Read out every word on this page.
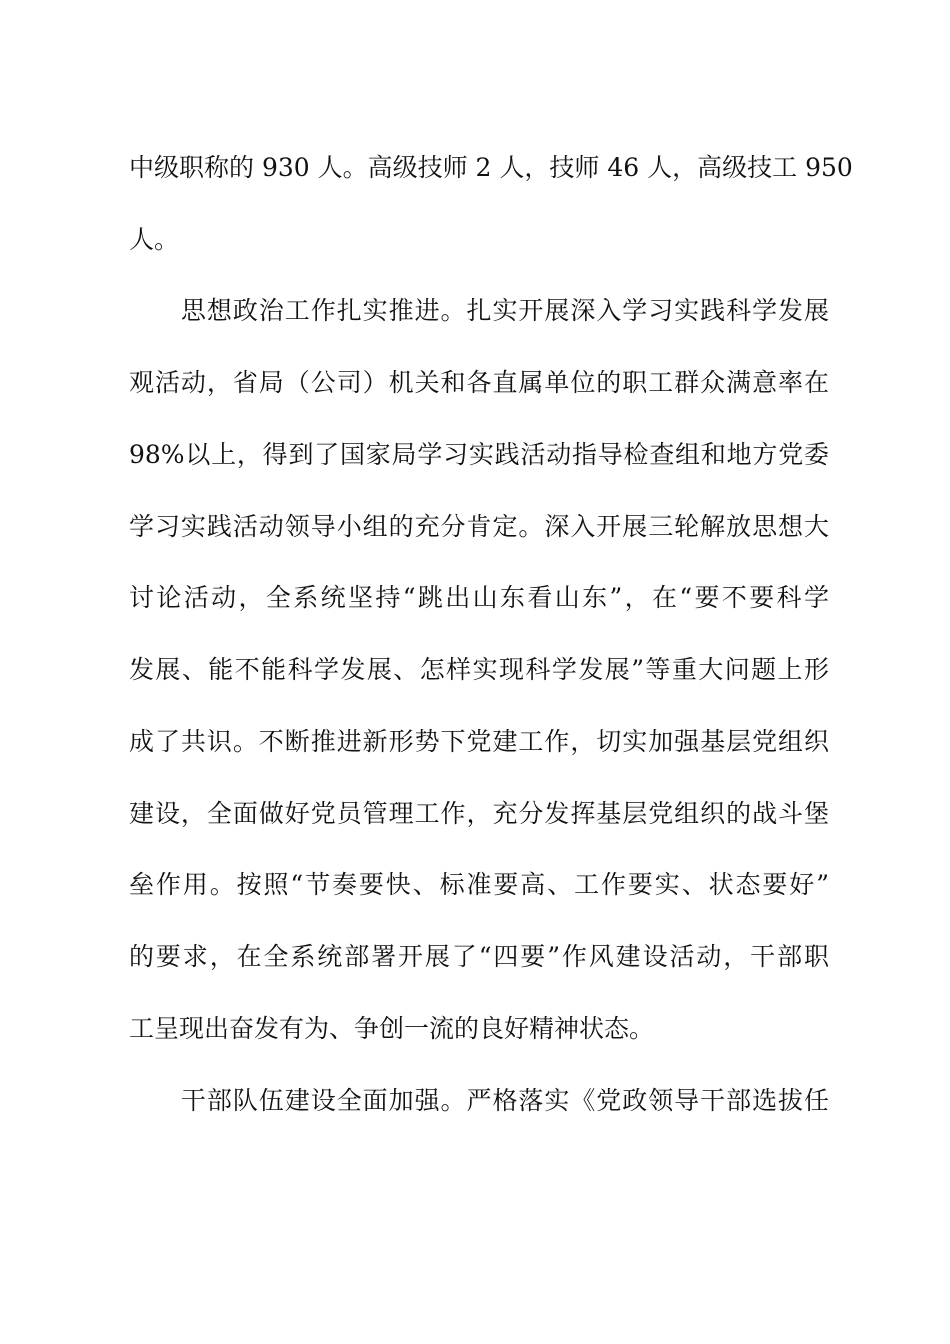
中级职称的 930 人。高级技师 2 人，技师 46 人，高级技工 950
人。
　　思想政治工作扎实推进。扎实开展深入学习实践科学发展
观活动，省局（公司）机关和各直属单位的职工群众满意率在
98%以上，得到了国家局学习实践活动指导检查组和地方党委
学习实践活动领导小组的充分肯定。深入开展三轮解放思想大
讨论活动，全系统坚持“跳出山东看山东”，在“要不要科学
发展、能不能科学发展、怎样实现科学发展”等重大问题上形
成了共识。不断推进新形势下党建工作，切实加强基层党组织
建设，全面做好党员管理工作，充分发挥基层党组织的战斗堡
垒作用。按照“节奏要快、标准要高、工作要实、状态要好”
的要求，在全系统部署开展了“四要”作风建设活动，干部职
工呈现出奋发有为、争创一流的良好精神状态。
　　干部队伍建设全面加强。严格落实《党政领导干部选拔任
